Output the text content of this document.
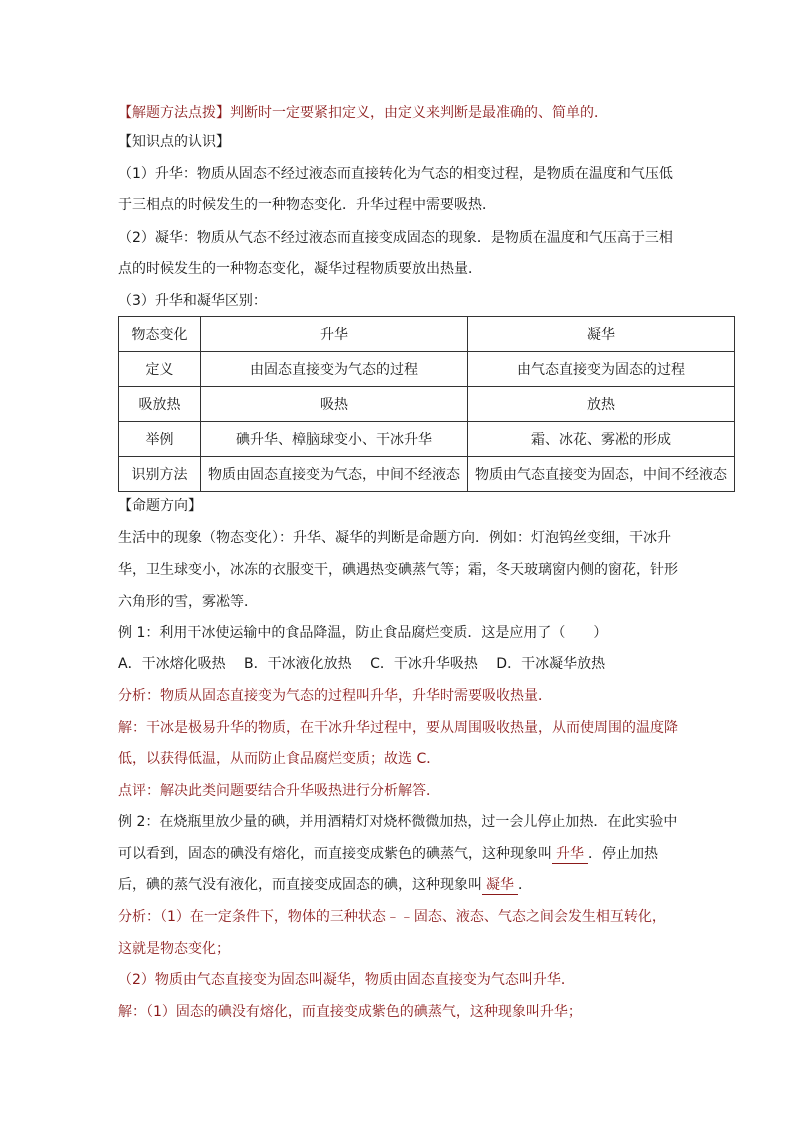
【解题方法点拨】判断时一定要紧扣定义，由定义来判断是最准确的、简单的．
【知识点的认识】
（1）升华：物质从固态不经过液态而直接转化为气态的相变过程，是物质在温度和气压低
于三相点的时候发生的一种物态变化．升华过程中需要吸热．
（2）凝华：物质从气态不经过液态而直接变成固态的现象．是物质在温度和气压高于三相
点的时候发生的一种物态变化，凝华过程物质要放出热量．
（3）升华和凝华区别：
物态变化	升华	凝华
定义	由固态直接变为气态的过程	由气态直接变为固态的过程
吸放热	吸热	放热
举例	碘升华、樟脑球变小、干冰升华	霜、冰花、雾凇的形成
识别方法	物质由固态直接变为气态，中间不经液态	物质由气态直接变为固态，中间不经液态
【命题方向】
生活中的现象（物态变化）：升华、凝华的判断是命题方向．例如：灯泡钨丝变细，干冰升
华，卫生球变小，冰冻的衣服变干，碘遇热变碘蒸气等；霜，冬天玻璃窗内侧的窗花，针形
六角形的雪，雾凇等．
例 1：利用干冰使运输中的食品降温，防止食品腐烂变质．这是应用了（　　）
A．干冰熔化吸热　 B．干冰液化放热　 C．干冰升华吸热　 D．干冰凝华放热
分析：物质从固态直接变为气态的过程叫升华，升华时需要吸收热量．
解：干冰是极易升华的物质，在干冰升华过程中，要从周围吸收热量，从而使周围的温度降
低，以获得低温，从而防止食品腐烂变质；故选 C．
点评：解决此类问题要结合升华吸热进行分析解答．
例 2：在烧瓶里放少量的碘，并用酒精灯对烧杯微微加热，过一会儿停止加热．在此实验中
可以看到，固态的碘没有熔化，而直接变成紫色的碘蒸气，这种现象叫 升华 ．停止加热
后，碘的蒸气没有液化，而直接变成固态的碘，这种现象叫 凝华 ．
分析：（1）在一定条件下，物体的三种状态﹣﹣固态、液态、气态之间会发生相互转化，
这就是物态变化；
（2）物质由气态直接变为固态叫凝华，物质由固态直接变为气态叫升华．
解：（1）固态的碘没有熔化，而直接变成紫色的碘蒸气，这种现象叫升华；
